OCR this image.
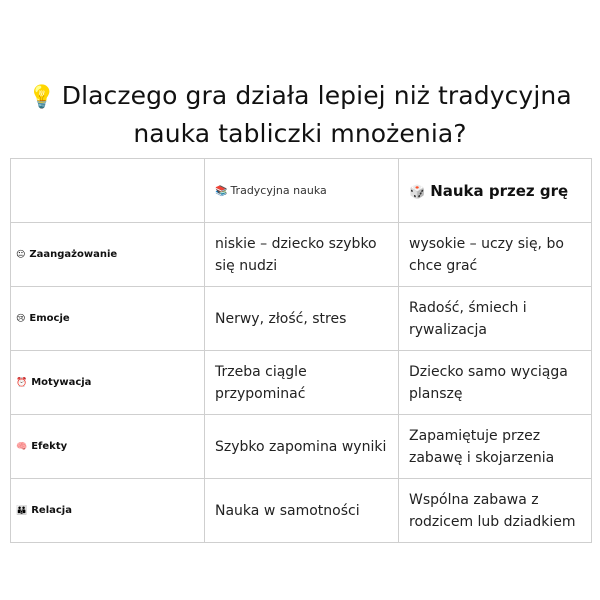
💡 Dlaczego gra działa lepiej niż tradycyjna
nauka tabliczki mnożenia?
	📚 Tradycyjna nauka	🎲 Nauka przez grę
😐 Zaangażowanie	niskie – dziecko szybko się nudzi	wysokie – uczy się, bo chce grać
😢 Emocje	Nerwy, złość, stres	Radość, śmiech i rywalizacja
⏰ Motywacja	Trzeba ciągle przypominać	Dziecko samo wyciąga planszę
🧠 Efekty	Szybko zapomina wyniki	Zapamiętuje przez zabawę i skojarzenia
👪 Relacja	Nauka w samotności	Wspólna zabawa z rodzicem lub dziadkiem
